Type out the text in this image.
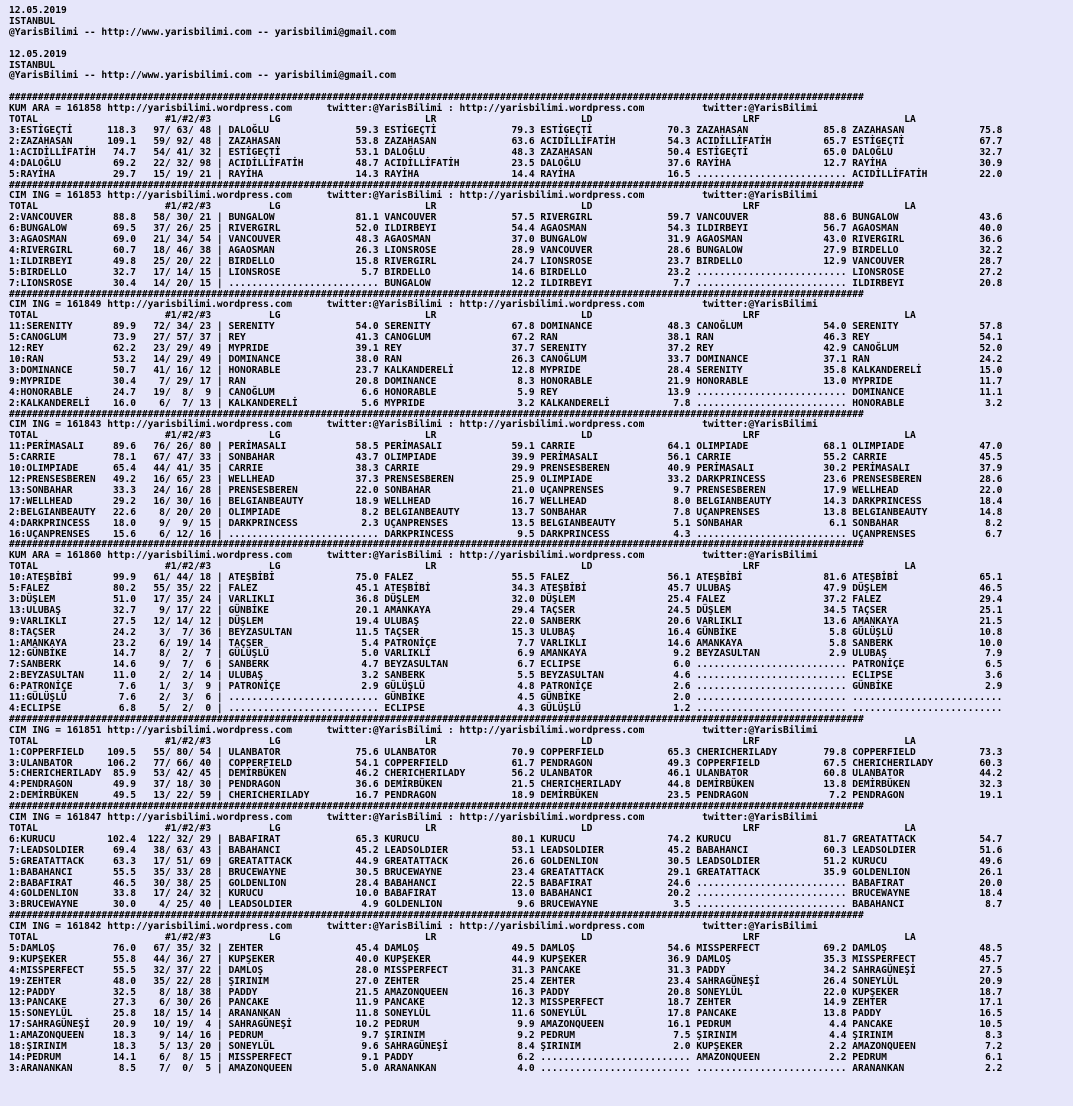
12.05.2019
ISTANBUL
@YarisBilimi -- http://www.yarisbilimi.com -- yarisbilimi@gmail.com

12.05.2019
ISTANBUL
@YarisBilimi -- http://www.yarisbilimi.com -- yarisbilimi@gmail.com

####################################################################################################################################################
KUM ARA = 161858 http://yarisbilimi.wordpress.com      twitter:@YarisBilimi : http://yarisbilimi.wordpress.com          twitter:@YarisBilimi
TOTAL                      #1/#2/#3          LG                         LR                         LD                          LRF                         LA
3:ESTİGEÇTİ      118.3   97/ 63/ 48 | DALOĞLU               59.3 ESTİGEÇTİ             79.3 ESTİGEÇTİ             70.3 ZAZAHASAN             85.8 ZAZAHASAN             75.8
2:ZAZAHASAN      109.1   59/ 92/ 48 | ZAZAHASAN             53.8 ZAZAHASAN             63.6 ACIDİLLİFATİH         54.3 ACIDİLLİFATİH         65.7 ESTİGEÇTİ             67.7
1:ACIDİLLİFATİH   74.7   54/ 41/ 32 | ESTİGEÇTİ             53.1 DALOĞLU               48.3 ZAZAHASAN             50.4 ESTİGEÇTİ             65.0 DALOĞLU               32.7
4:DALOĞLU         69.2   22/ 32/ 98 | ACIDİLLİFATİH         48.7 ACIDİLLİFATİH         23.5 DALOĞLU               37.6 RAYİHA                12.7 RAYİHA                30.9
5:RAYİHA          29.7   15/ 19/ 21 | RAYİHA                14.3 RAYİHA                14.4 RAYİHA                16.5 .......................... ACIDİLLİFATİH         22.0
####################################################################################################################################################
CIM ING = 161853 http://yarisbilimi.wordpress.com      twitter:@YarisBilimi : http://yarisbilimi.wordpress.com          twitter:@YarisBilimi
TOTAL                      #1/#2/#3          LG                         LR                         LD                          LRF                         LA
2:VANCOUVER       88.8   58/ 30/ 21 | BUNGALOW              81.1 VANCOUVER             57.5 RIVERGIRL             59.7 VANCOUVER             88.6 BUNGALOW              43.6
6:BUNGALOW        69.5   37/ 26/ 25 | RIVERGIRL             52.0 ILDIRBEYI             54.4 AGAOSMAN              54.3 ILDIRBEYI             56.7 AGAOSMAN              40.0
3:AGAOSMAN        69.0   21/ 34/ 54 | VANCOUVER             48.3 AGAOSMAN              37.0 BUNGALOW              31.9 AGAOSMAN              43.0 RIVERGIRL             36.6
4:RIVERGIRL       60.7   18/ 46/ 38 | AGAOSMAN              26.3 LIONSROSE             28.9 VANCOUVER             28.6 BUNGALOW              27.9 BIRDELLO              32.2
1:ILDIRBEYI       49.8   25/ 20/ 22 | BIRDELLO              15.8 RIVERGIRL             24.7 LIONSROSE             23.7 BIRDELLO              12.9 VANCOUVER             28.7
5:BIRDELLO        32.7   17/ 14/ 15 | LIONSROSE              5.7 BIRDELLO              14.6 BIRDELLO              23.2 .......................... LIONSROSE             27.2
7:LIONSROSE       30.4   14/ 20/ 15 | .......................... BUNGALOW              12.2 ILDIRBEYI              7.7 .......................... ILDIRBEYI             20.8
####################################################################################################################################################
CIM ING = 161849 http://yarisbilimi.wordpress.com      twitter:@YarisBilimi : http://yarisbilimi.wordpress.com          twitter:@YarisBilimi
TOTAL                      #1/#2/#3          LG                         LR                         LD                          LRF                         LA
11:SERENITY       89.9   72/ 34/ 23 | SERENITY              54.0 SERENITY              67.8 DOMINANCE             48.3 CANOĞLUM              54.0 SERENITY              57.8
5:CANOGLUM        73.9   27/ 57/ 37 | REY                   41.3 CANOGLUM              67.2 RAN                   38.1 RAN                   46.3 REY                   54.1
12:REY            62.2   23/ 29/ 49 | MYPRIDE               39.1 REY                   37.7 SERENITY              37.2 REY                   42.9 CANOĞLUM              52.0
10:RAN            53.2   14/ 29/ 49 | DOMINANCE             38.0 RAN                   26.3 CANOĞLUM              33.7 DOMINANCE             37.1 RAN                   24.2
3:DOMINANCE       50.7   41/ 16/ 12 | HONORABLE             23.7 KALKANDERELİ          12.8 MYPRIDE               28.4 SERENITY              35.8 KALKANDERELİ          15.0
9:MYPRIDE         30.4    7/ 29/ 17 | RAN                   20.8 DOMINANCE              8.3 HONORABLE             21.9 HONORABLE             13.0 MYPRIDE               11.7
4:HONORABLE       24.7   19/  8/  9 | CANOĞLUM               6.6 HONORABLE              5.9 REY                   13.9 .......................... DOMINANCE             11.1
2:KALKANDERELİ    16.0    6/  7/ 13 | KALKANDERELİ           5.6 MYPRIDE                3.2 KALKANDERELİ           7.8 .......................... HONORABLE              3.2
####################################################################################################################################################
CIM ING = 161843 http://yarisbilimi.wordpress.com      twitter:@YarisBilimi : http://yarisbilimi.wordpress.com          twitter:@YarisBilimi
TOTAL                      #1/#2/#3          LG                         LR                         LD                          LRF                         LA
11:PERİMASALI     89.6   76/ 26/ 80 | PERİMASALI            58.5 PERİMASALI            59.1 CARRIE                64.1 OLIMPIADE             68.1 OLIMPIADE             47.0
5:CARRIE          78.1   67/ 47/ 33 | SONBAHAR              43.7 OLIMPIADE             39.9 PERİMASALI            56.1 CARRIE                55.2 CARRIE                45.5
10:OLIMPIADE      65.4   44/ 41/ 35 | CARRIE                38.3 CARRIE                29.9 PRENSESBEREN          40.9 PERİMASALI            30.2 PERİMASALI            37.9
12:PRENSESBEREN   49.2   16/ 65/ 23 | WELLHEAD              37.3 PRENSESBEREN          25.9 OLIMPIADE             33.2 DARKPRINCESS          23.6 PRENSESBEREN          28.6
13:SONBAHAR       33.3   24/ 16/ 28 | PRENSESBEREN          22.0 SONBAHAR              21.0 UÇANPRENSES            9.7 PRENSESBEREN          17.9 WELLHEAD              22.0
17:WELLHEAD       29.2   16/ 30/ 16 | BELGIANBEAUTY         18.9 WELLHEAD              16.7 WELLHEAD               8.0 BELGIANBEAUTY         14.3 DARKPRINCESS          18.4
2:BELGIANBEAUTY   22.6    8/ 20/ 20 | OLIMPIADE              8.2 BELGIANBEAUTY         13.7 SONBAHAR               7.8 UÇANPRENSES           13.8 BELGIANBEAUTY         14.8
4:DARKPRINCESS    18.0    9/  9/ 15 | DARKPRINCESS           2.3 UÇANPRENSES           13.5 BELGIANBEAUTY          5.1 SONBAHAR               6.1 SONBAHAR               8.2
16:UÇANPRENSES    15.6    6/ 12/ 16 | .......................... DARKPRINCESS           9.5 DARKPRINCESS           4.3 .......................... UÇANPRENSES            6.7
####################################################################################################################################################
KUM ARA = 161860 http://yarisbilimi.wordpress.com      twitter:@YarisBilimi : http://yarisbilimi.wordpress.com          twitter:@YarisBilimi
TOTAL                      #1/#2/#3          LG                         LR                         LD                          LRF                         LA
10:ATEŞBİBİ       99.9   61/ 44/ 18 | ATEŞBİBİ              75.0 FALEZ                 55.5 FALEZ                 56.1 ATEŞBİBİ              81.6 ATEŞBİBİ              65.1
5:FALEZ           80.2   55/ 35/ 22 | FALEZ                 45.1 ATEŞBİBİ              34.3 ATEŞBİBİ              45.7 ULUBAŞ                47.9 DÜŞLEM                46.5
3:DÜŞLEM          51.0   17/ 35/ 24 | VARLIKLI              36.8 DÜŞLEM                32.0 DÜŞLEM                25.4 FALEZ                 37.2 FALEZ                 29.4
13:ULUBAŞ         32.7    9/ 17/ 22 | GÜNBİKE               20.1 AMANKAYA              29.4 TAÇSER                24.5 DÜŞLEM                34.5 TAÇSER                25.1
9:VARLIKLI        27.5   12/ 14/ 12 | DÜŞLEM                19.4 ULUBAŞ                22.0 SANBERK               20.6 VARLIKLI              13.6 AMANKAYA              21.5
8:TAÇSER          24.2    3/  7/ 36 | BEYZASULTAN           11.5 TAÇSER                15.3 ULUBAŞ                16.4 GÜNBİKE                5.8 GÜLÜŞLÜ               10.8
1:AMANKAYA        23.2    6/ 19/ 14 | TAÇSER                 5.4 PATRONİÇE              7.7 VARLIKLI              14.6 AMANKAYA               5.8 SANBERK               10.0
12:GÜNBİKE        14.7    8/  2/  7 | GÜLÜŞLÜ                5.0 VARLIKLI               6.9 AMANKAYA               9.2 BEYZASULTAN            2.9 ULUBAŞ                 7.9
7:SANBERK         14.6    9/  7/  6 | SANBERK                4.7 BEYZASULTAN            6.7 ECLIPSE                6.0 .......................... PATRONİÇE              6.5
2:BEYZASULTAN     11.0    2/  2/ 14 | ULUBAŞ                 3.2 SANBERK                5.5 BEYZASULTAN            4.6 .......................... ECLIPSE                3.6
6:PATRONİÇE        7.6    1/  3/  9 | PATRONİÇE              2.9 GÜLÜŞLÜ                4.8 PATRONİÇE              2.6 .......................... GÜNBİKE                2.9
11:GÜLÜŞLÜ         7.6    2/  3/  6 | .......................... GÜNBİKE                4.5 GÜNBİKE                2.0 .......................... ..........................
4:ECLIPSE          6.8    5/  2/  0 | .......................... ECLIPSE                4.3 GÜLÜŞLÜ                1.2 .......................... ..........................
####################################################################################################################################################
CIM ING = 161851 http://yarisbilimi.wordpress.com      twitter:@YarisBilimi : http://yarisbilimi.wordpress.com          twitter:@YarisBilimi
TOTAL                      #1/#2/#3          LG                         LR                         LD                          LRF                         LA
1:COPPERFIELD    109.5   55/ 80/ 54 | ULANBATOR             75.6 ULANBATOR             70.9 COPPERFIELD           65.3 CHERICHERILADY        79.8 COPPERFIELD           73.3
3:ULANBATOR      106.2   77/ 66/ 40 | COPPERFIELD           54.1 COPPERFIELD           61.7 PENDRAGON             49.3 COPPERFIELD           67.5 CHERICHERILADY        60.3
5:CHERICHERILADY  85.9   53/ 42/ 45 | DEMİRBÜKEN            46.2 CHERICHERILADY        56.2 ULANBATOR             46.1 ULANBATOR             60.8 ULANBATOR             44.2
4:PENDRAGON       49.9   37/ 18/ 30 | PENDRAGON             36.6 DEMİRBÜKEN            21.5 CHERICHERILADY        44.8 DEMİRBÜKEN            13.8 DEMİRBÜKEN            32.3
2:DEMİRBÜKEN      49.5   13/ 22/ 59 | CHERICHERILADY        16.7 PENDRAGON             18.9 DEMİRBÜKEN            23.5 PENDRAGON              7.2 PENDRAGON             19.1
####################################################################################################################################################
CIM ING = 161847 http://yarisbilimi.wordpress.com      twitter:@YarisBilimi : http://yarisbilimi.wordpress.com          twitter:@YarisBilimi
TOTAL                      #1/#2/#3          LG                         LR                         LD                          LRF                         LA
6:KURUCU         102.4  122/ 32/ 29 | BABAFIRAT             65.3 KURUCU                80.1 KURUCU                74.2 KURUCU                81.7 GREATATTACK           54.7
7:LEADSOLDIER     69.4   38/ 63/ 43 | BABAHANCI             45.2 LEADSOLDIER           53.1 LEADSOLDIER           45.2 BABAHANCI             60.3 LEADSOLDIER           51.6
5:GREATATTACK     63.3   17/ 51/ 69 | GREATATTACK           44.9 GREATATTACK           26.6 GOLDENLION            30.5 LEADSOLDIER           51.2 KURUCU                49.6
1:BABAHANCI       55.5   35/ 33/ 28 | BRUCEWAYNE            30.5 BRUCEWAYNE            23.4 GREATATTACK           29.1 GREATATTACK           35.9 GOLDENLION            26.1
2:BABAFIRAT       46.5   30/ 38/ 25 | GOLDENLION            28.4 BABAHANCI             22.5 BABAFIRAT             24.6 .......................... BABAFIRAT             20.0
4:GOLDENLION      33.8   17/ 24/ 32 | KURUCU                10.0 BABAFIRAT             13.0 BABAHANCI             20.2 .......................... BRUCEWAYNE            18.4
3:BRUCEWAYNE      30.0    4/ 25/ 40 | LEADSOLDIER            4.9 GOLDENLION             9.6 BRUCEWAYNE             3.5 .......................... BABAHANCI              8.7
####################################################################################################################################################
CIM ING = 161842 http://yarisbilimi.wordpress.com      twitter:@YarisBilimi : http://yarisbilimi.wordpress.com          twitter:@YarisBilimi
TOTAL                      #1/#2/#3          LG                         LR                         LD                          LRF                         LA
5:DAMLOŞ          76.0   67/ 35/ 32 | ZEHTER                45.4 DAMLOŞ                49.5 DAMLOŞ                54.6 MISSPERFECT           69.2 DAMLOŞ                48.5
9:KUPŞEKER        55.8   44/ 36/ 27 | KUPŞEKER              40.0 KUPŞEKER              44.9 KUPŞEKER              36.9 DAMLOŞ                35.3 MISSPERFECT           45.7
4:MISSPERFECT     55.5   32/ 37/ 22 | DAMLOŞ                28.0 MISSPERFECT           31.3 PANCAKE               31.3 PADDY                 34.2 SAHRAGÜNEŞİ           27.5
19:ZEHTER         48.0   35/ 22/ 28 | ŞIRINIM               27.0 ZEHTER                25.4 ZEHTER                23.4 SAHRAGÜNEŞİ           26.4 SONEYLÜL              20.9
12:PADDY          32.5    8/ 18/ 38 | PADDY                 21.5 AMAZONQUEEN           16.3 PADDY                 20.8 SONEYLÜL              22.0 KUPŞEKER              18.7
13:PANCAKE        27.3    6/ 30/ 26 | PANCAKE               11.9 PANCAKE               12.3 MISSPERFECT           18.7 ZEHTER                14.9 ZEHTER                17.1
15:SONEYLÜL       25.8   18/ 15/ 14 | ARANANKAN             11.8 SONEYLÜL              11.6 SONEYLÜL              17.8 PANCAKE               13.8 PADDY                 16.5
17:SAHRAGÜNEŞİ    20.9   10/ 19/  4 | SAHRAGÜNEŞİ           10.2 PEDRUM                 9.9 AMAZONQUEEN           16.1 PEDRUM                 4.4 PANCAKE               10.5
1:AMAZONQUEEN     18.3    9/ 14/ 16 | PEDRUM                 9.7 ŞIRINIM                9.2 PEDRUM                 7.5 ŞIRINIM                4.4 ŞIRINIM                8.3
18:ŞIRINIM        18.3    5/ 13/ 20 | SONEYLÜL               9.6 SAHRAGÜNEŞİ            8.4 ŞIRINIM                2.0 KUPŞEKER               2.2 AMAZONQUEEN            7.2
14:PEDRUM         14.1    6/  8/ 15 | MISSPERFECT            9.1 PADDY                  6.2 .......................... AMAZONQUEEN            2.2 PEDRUM                 6.1
3:ARANANKAN        8.5    7/  0/  5 | AMAZONQUEEN            5.0 ARANANKAN              4.0 .......................... .......................... ARANANKAN              2.2
